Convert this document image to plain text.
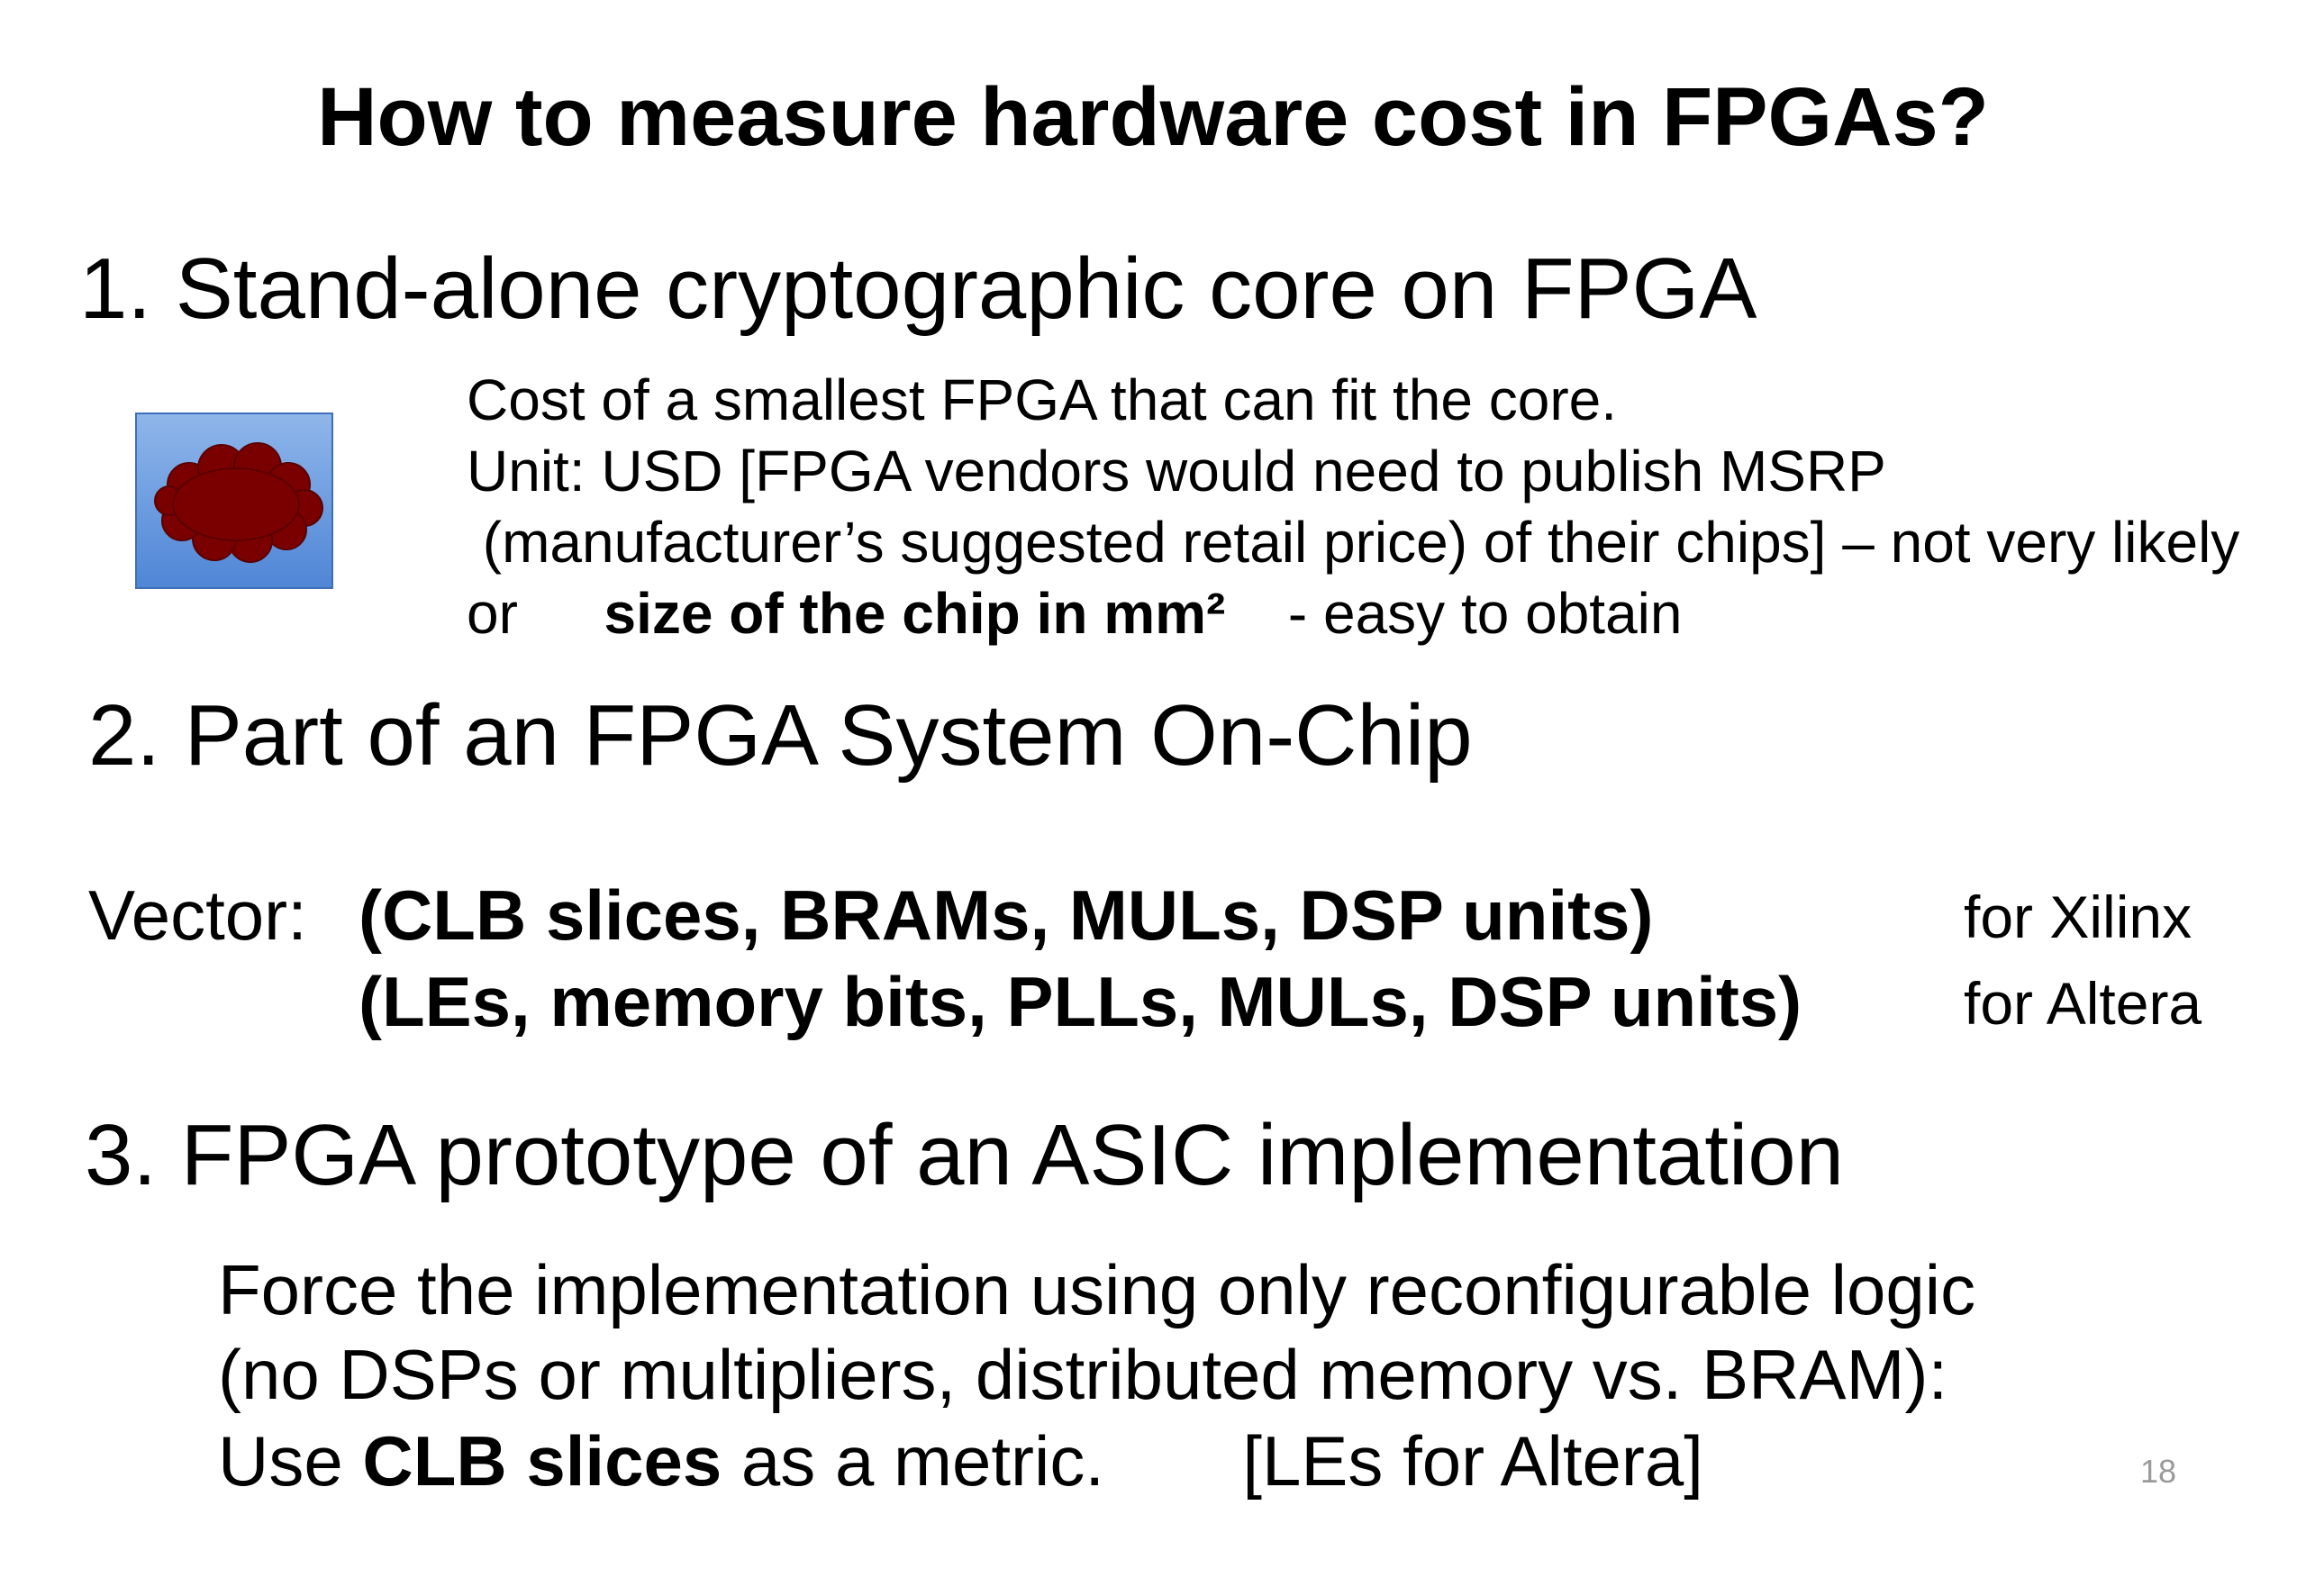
How to measure hardware cost in FPGAs?
1. Stand-alone cryptographic core on FPGA
Cost of a smallest FPGA that can fit the core.
Unit: USD [FPGA vendors would need to publish MSRP
(manufacturer’s suggested retail price) of their chips] – not very likely
or size of the chip in mm² - easy to obtain
2. Part of an FPGA System On-Chip
Vector: (CLB slices, BRAMs, MULs, DSP units)	for Xilinx
(LEs, memory bits, PLLs, MULs, DSP units)	for Altera
3. FPGA prototype of an ASIC implementation
Force the implementation using only reconfigurable logic
(no DSPs or multipliers, distributed memory vs. BRAM):
Use CLB slices as a metric. [LEs for Altera]	18
